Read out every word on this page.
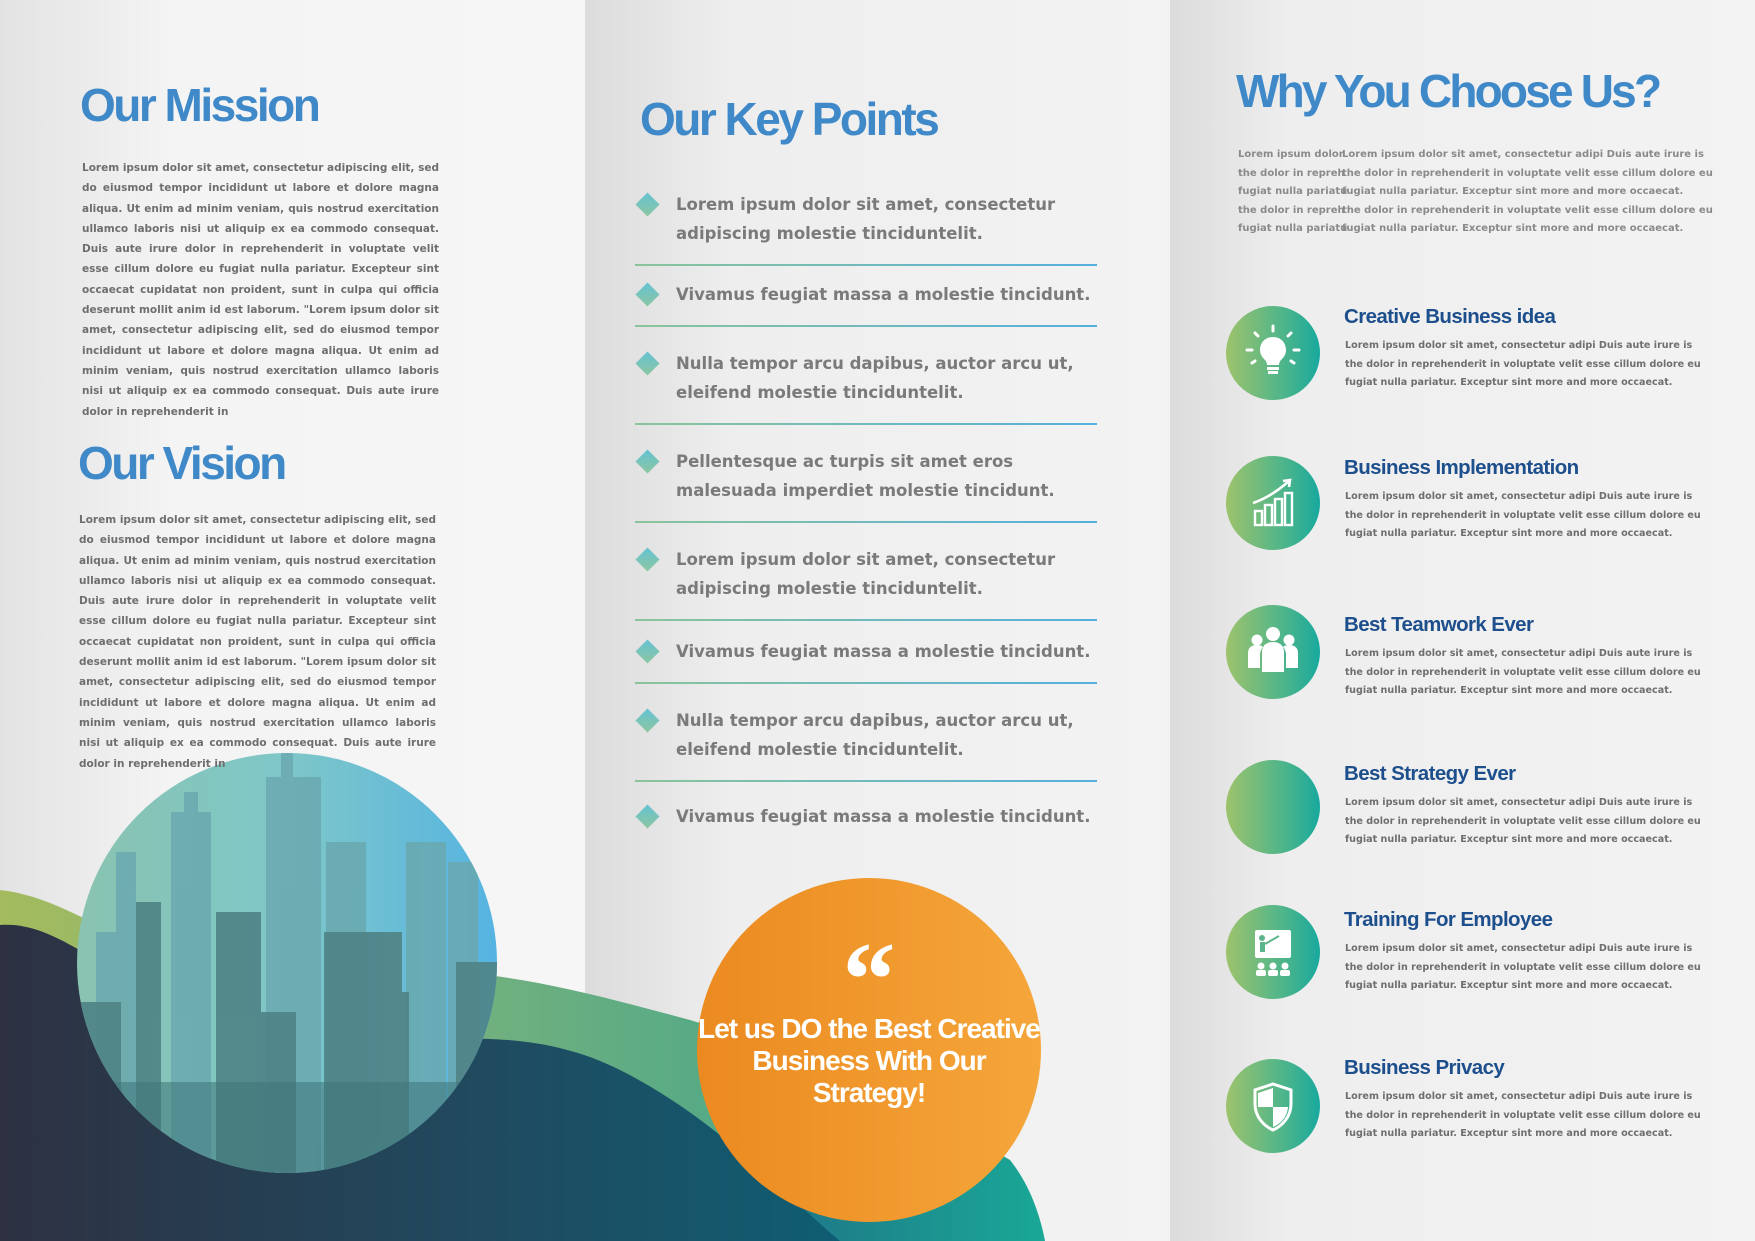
Our Mission

Lorem ipsum dolor sit amet, consectetur adipiscing elit, sed do eiusmod tempor incididunt ut labore et dolore magna aliqua. Ut enim ad minim veniam, quis nostrud exercitation ullamco laboris nisi ut aliquip ex ea commodo consequat. Duis aute irure dolor in reprehenderit in voluptate velit esse cillum dolore eu fugiat nulla pariatur. Excepteur sint occaecat cupidatat non proident, sunt in culpa qui officia deserunt mollit anim id est laborum. "Lorem ipsum dolor sit amet, consectetur adipiscing elit, sed do eiusmod tempor incididunt ut labore et dolore magna aliqua. Ut enim ad minim veniam, quis nostrud exercitation ullamco laboris nisi ut aliquip ex ea commodo consequat. Duis aute irure dolor in reprehenderit in

Our Vision

Lorem ipsum dolor sit amet, consectetur adipiscing elit, sed do eiusmod tempor incididunt ut labore et dolore magna aliqua. Ut enim ad minim veniam, quis nostrud exercitation ullamco laboris nisi ut aliquip ex ea commodo consequat. Duis aute irure dolor in reprehenderit in voluptate velit esse cillum dolore eu fugiat nulla pariatur. Excepteur sint occaecat cupidatat non proident, sunt in culpa qui officia deserunt mollit anim id est laborum. "Lorem ipsum dolor sit amet, consectetur adipiscing elit, sed do eiusmod tempor incididunt ut labore et dolore magna aliqua. Ut enim ad minim veniam, quis nostrud exercitation ullamco laboris nisi ut aliquip ex ea commodo consequat. Duis aute irure dolor in reprehenderit in

Our Key Points
Lorem ipsum dolor sit amet, consectetur adipiscing molestie tinciduntelit.
Vivamus feugiat massa a molestie tincidunt.
Nulla tempor arcu dapibus, auctor arcu ut, eleifend molestie tinciduntelit.
Pellentesque ac turpis sit amet eros malesuada imperdiet molestie tincidunt.
Lorem ipsum dolor sit amet, consectetur adipiscing molestie tinciduntelit.
Vivamus feugiat massa a molestie tincidunt.
Nulla tempor arcu dapibus, auctor arcu ut, eleifend molestie tinciduntelit.
Vivamus feugiat massa a molestie tincidunt.
“
Let us DO the Best Creative Business With Our Strategy!
Why You Choose Us?
Lorem ipsum dolor
the dolor in repreh
fugiat nulla pariatu
the dolor in repreh
fugiat nulla pariatu
Lorem ipsum dolor sit amet, consectetur adipi Duis aute irure is
the dolor in reprehenderit in voluptate velit esse cillum dolore eu
fugiat nulla pariatur. Exceptur sint more and more occaecat.
the dolor in reprehenderit in voluptate velit esse cillum dolore eu
fugiat nulla pariatur. Exceptur sint more and more occaecat.
Creative Business idea
Lorem ipsum dolor sit amet, consectetur adipi Duis aute irure is
the dolor in reprehenderit in voluptate velit esse cillum dolore eu
fugiat nulla pariatur. Exceptur sint more and more occaecat.
Business Implementation
Lorem ipsum dolor sit amet, consectetur adipi Duis aute irure is
the dolor in reprehenderit in voluptate velit esse cillum dolore eu
fugiat nulla pariatur. Exceptur sint more and more occaecat.
Best Teamwork Ever
Lorem ipsum dolor sit amet, consectetur adipi Duis aute irure is
the dolor in reprehenderit in voluptate velit esse cillum dolore eu
fugiat nulla pariatur. Exceptur sint more and more occaecat.
Best Strategy Ever
Lorem ipsum dolor sit amet, consectetur adipi Duis aute irure is
the dolor in reprehenderit in voluptate velit esse cillum dolore eu
fugiat nulla pariatur. Exceptur sint more and more occaecat.
Training For Employee
Lorem ipsum dolor sit amet, consectetur adipi Duis aute irure is
the dolor in reprehenderit in voluptate velit esse cillum dolore eu
fugiat nulla pariatur. Exceptur sint more and more occaecat.
Business Privacy
Lorem ipsum dolor sit amet, consectetur adipi Duis aute irure is
the dolor in reprehenderit in voluptate velit esse cillum dolore eu
fugiat nulla pariatur. Exceptur sint more and more occaecat.
